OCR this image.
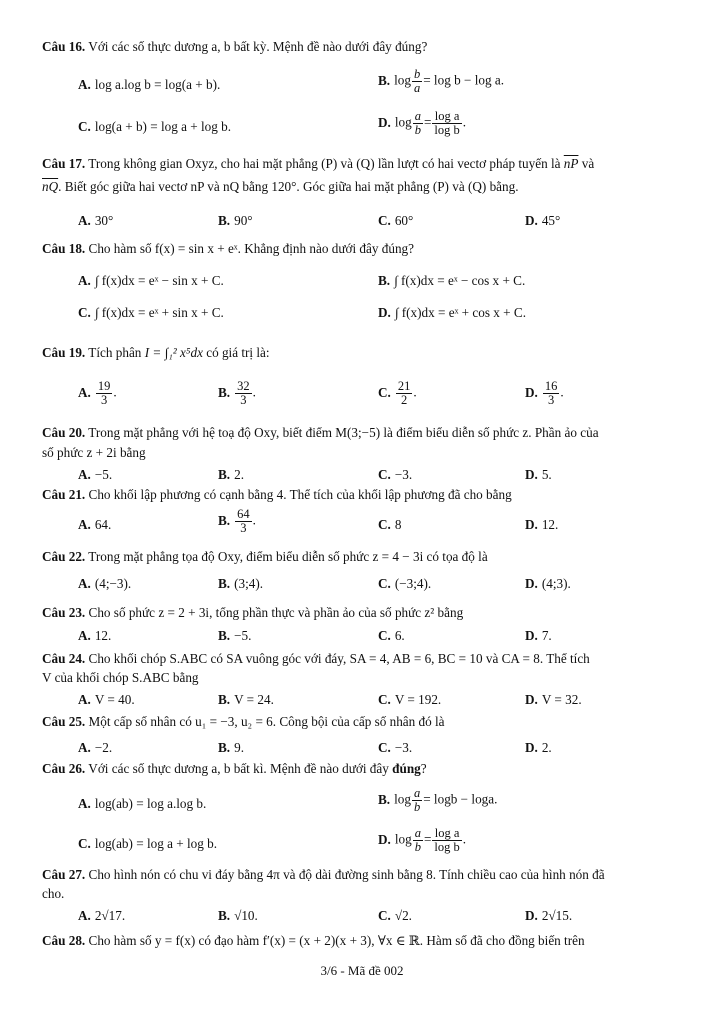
Câu 16. Với các số thực dương a, b bất kỳ. Mệnh đề nào dưới đây đúng?
A. log a.log b = log(a + b).	B. $\log \frac{b}{a} = \log b - \log a$.
C. log(a + b) = log a + log b.	D. $\log \frac{a}{b} = \frac{\text{log a}}{\text{log b}}$ .
Câu 17. Trong không gian Oxyz, cho hai mặt phẳng (P) và (Q) lần lượt có hai vectơ pháp tuyến là $\overline{nP}$ và
$\overline{nQ}$. Biết góc giữa hai vectơ nP và nQ bằng 120°. Góc giữa hai mặt phẳng (P) và (Q) bằng.
A. 30°	B. 90°	C. 60°	D. 45°
Câu 18. Cho hàm số f(x) = sin x + eˣ. Khẳng định nào dưới đây đúng?
A. ∫ f(x)dx = eˣ − sin x + C.	B. ∫ f(x)dx = eˣ − cos x + C.
C. ∫ f(x)dx = eˣ + sin x + C.	D. ∫ f(x)dx = eˣ + cos x + C.
Câu 19. Tích phân I = ∫₁² x⁵dx có giá trị là:
A. $\frac{19}{3}$ .	B. $\frac{32}{3}$ .	C. $\frac{21}{2}$ .	D. $\frac{16}{3}$ .
Câu 20. Trong mặt phẳng với hệ toạ độ Oxy, biết điểm M(3;−5) là điểm biểu diễn số phức z. Phần ảo của
số phức z + 2i bằng
A. −5.	B. 2.	C. −3.	D. 5.
Câu 21. Cho khối lập phương có cạnh bằng 4. Thể tích của khối lập phương đã cho bằng
A. 64.	B. $\frac{64}{3}$ .	C. 8	D. 12.
Câu 22. Trong mặt phẳng tọa độ Oxy, điểm biểu diễn số phức z = 4 − 3i có tọa độ là
A. (4;−3).	B. (3;4).	C. (−3;4).	D. (4;3).
Câu 23. Cho số phức z = 2 + 3i, tổng phần thực và phần ảo của số phức z² bằng
A. 12.	B. −5.	C. 6.	D. 7.
Câu 24. Cho khối chóp S.ABC có SA vuông góc với đáy, SA = 4, AB = 6, BC = 10 và CA = 8. Thể tích
V của khối chóp S.ABC bằng
A. V = 40.	B. V = 24.	C. V = 192.	D. V = 32.
Câu 25. Một cấp số nhân có u₁ = −3, u₂ = 6. Công bội của cấp số nhân đó là
A. −2.	B. 9.	C. −3.	D. 2.
Câu 26. Với các số thực dương a, b bất kì. Mệnh đề nào dưới đây đúng?
A. log(ab) = log a.log b.	B. $\log \frac{a}{b} = \log b - \log a$.
C. log(ab) = log a + log b.	D. $\log \frac{a}{b} = \frac{\text{log a}}{\text{log b}}$ .
Câu 27. Cho hình nón có chu vi đáy bằng 4π và độ dài đường sinh bằng 8. Tính chiều cao của hình nón đã
cho.
A. 2√17.	B. √10.	C. √2.	D. 2√15.
Câu 28. Cho hàm số y = f(x) có đạo hàm f′(x) = (x + 2)(x + 3), ∀x ∈ ℝ. Hàm số đã cho đồng biến trên
3/6 - Mã đề 002
